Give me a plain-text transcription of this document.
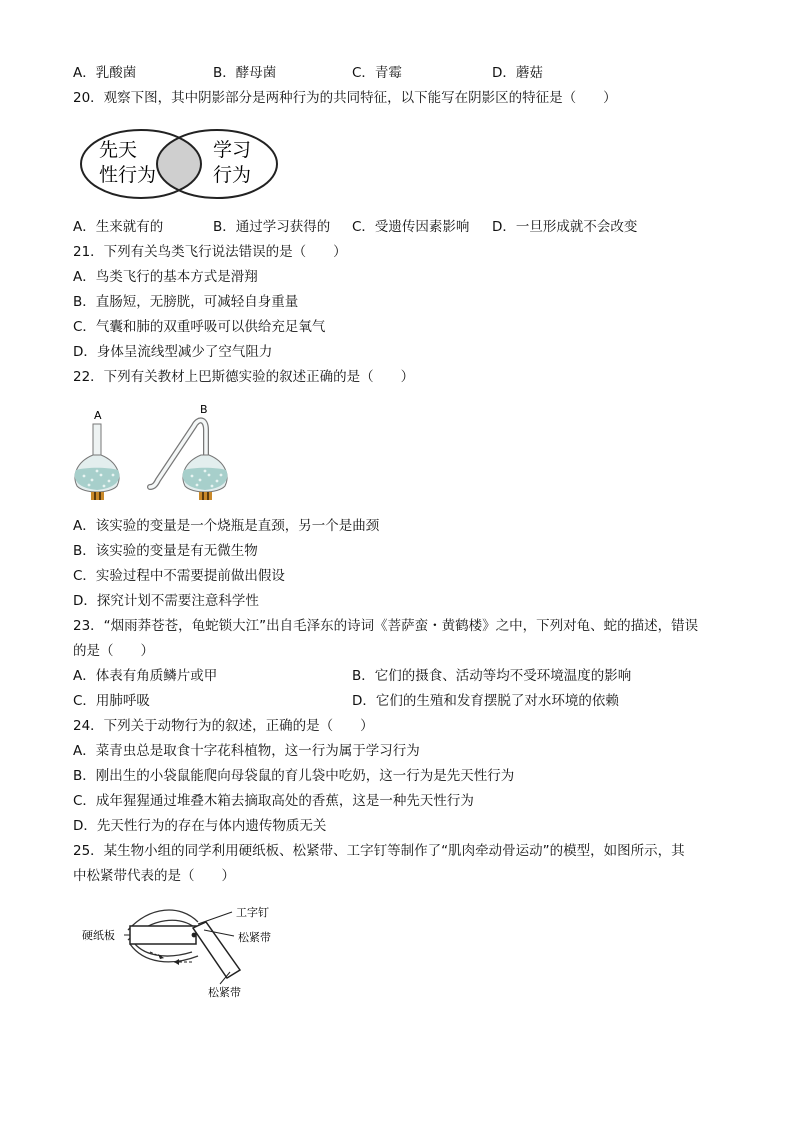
A．乳酸菌	B．酵母菌	C．青霉	D．蘑菇
20．观察下图，其中阴影部分是两种行为的共同特征，以下能写在阴影区的特征是（　　）
先天
性行为
学习
行为
A．生来就有的	B．通过学习获得的 C．受遗传因素影响 D．一旦形成就不会改变
21．下列有关鸟类飞行说法错误的是（　　）
A．鸟类飞行的基本方式是滑翔
B．直肠短，无膀胱，可减轻自身重量
C．气囊和肺的双重呼吸可以供给充足氧气
D．身体呈流线型减少了空气阻力
22．下列有关教材上巴斯德实验的叙述正确的是（　　）
A	B
A．该实验的变量是一个烧瓶是直颈，另一个是曲颈
B．该实验的变量是有无微生物
C．实验过程中不需要提前做出假设
D．探究计划不需要注意科学性
23．“烟雨莽苍苍，龟蛇锁大江”出自毛泽东的诗词《菩萨蛮・黄鹤楼》之中，下列对龟、蛇的描述，错误
的是（　　）
A．体表有角质鳞片或甲	B．它们的摄食、活动等均不受环境温度的影响
C．用肺呼吸	D．它们的生殖和发育摆脱了对水环境的依赖
24．下列关于动物行为的叙述，正确的是（　　）
A．菜青虫总是取食十字花科植物，这一行为属于学习行为
B．刚出生的小袋鼠能爬向母袋鼠的育儿袋中吃奶，这一行为是先天性行为
C．成年猩猩通过堆叠木箱去摘取高处的香蕉，这是一种先天性行为
D．先天性行为的存在与体内遗传物质无关
25．某生物小组的同学利用硬纸板、松紧带、工字钉等制作了“肌肉牵动骨运动”的模型，如图所示，其
中松紧带代表的是（　　）
硬纸板
工字钉
松紧带
松紧带
